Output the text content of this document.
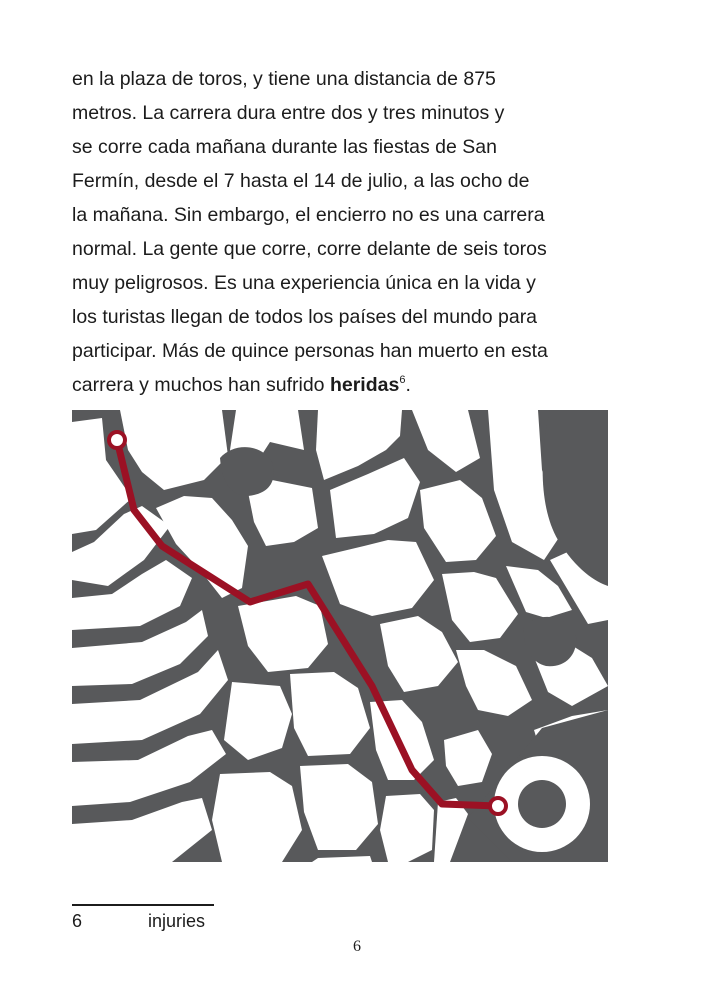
en la plaza de toros, y tiene una distancia de 875
metros. La carrera dura entre dos y tres minutos y
se corre cada mañana durante las fiestas de San
Fermín, desde el 7 hasta el 14 de julio, a las ocho de
la mañana. Sin embargo, el encierro no es una carrera
normal. La gente que corre, corre delante de seis toros
muy peligrosos. Es una experiencia única en la vida y
los turistas llegan de todos los países del mundo para
participar. Más de quince personas han muerto en esta
carrera y muchos han sufrido heridas$^6$.
6	injuries
6
